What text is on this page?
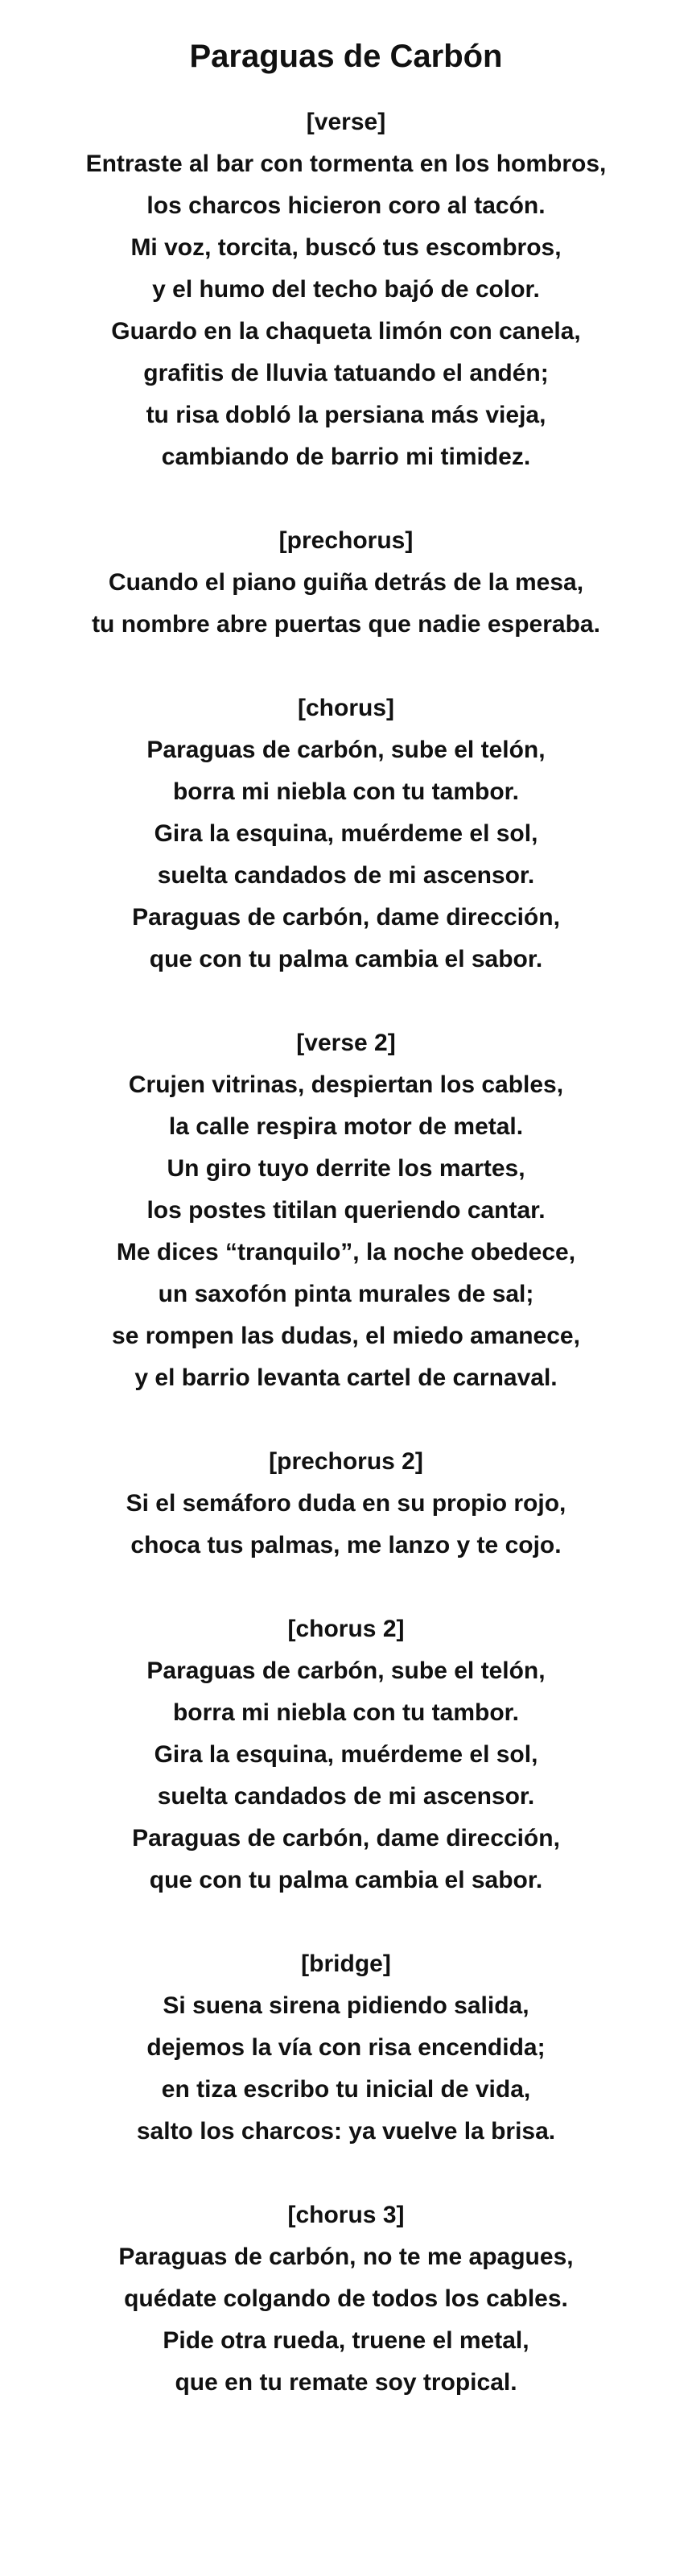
Paraguas de Carbón

[verse]

Entraste al bar con tormenta en los hombros,

los charcos hicieron coro al tacón.

Mi voz, torcita, buscó tus escombros,

y el humo del techo bajó de color.

Guardo en la chaqueta limón con canela,

grafitis de lluvia tatuando el andén;

tu risa dobló la persiana más vieja,

cambiando de barrio mi timidez.

[prechorus]

Cuando el piano guiña detrás de la mesa,

tu nombre abre puertas que nadie esperaba.

[chorus]

Paraguas de carbón, sube el telón,

borra mi niebla con tu tambor.

Gira la esquina, muérdeme el sol,

suelta candados de mi ascensor.

Paraguas de carbón, dame dirección,

que con tu palma cambia el sabor.

[verse 2]

Crujen vitrinas, despiertan los cables,

la calle respira motor de metal.

Un giro tuyo derrite los martes,

los postes titilan queriendo cantar.

Me dices “tranquilo”, la noche obedece,

un saxofón pinta murales de sal;

se rompen las dudas, el miedo amanece,

y el barrio levanta cartel de carnaval.

[prechorus 2]

Si el semáforo duda en su propio rojo,

choca tus palmas, me lanzo y te cojo.

[chorus 2]

Paraguas de carbón, sube el telón,

borra mi niebla con tu tambor.

Gira la esquina, muérdeme el sol,

suelta candados de mi ascensor.

Paraguas de carbón, dame dirección,

que con tu palma cambia el sabor.

[bridge]

Si suena sirena pidiendo salida,

dejemos la vía con risa encendida;

en tiza escribo tu inicial de vida,

salto los charcos: ya vuelve la brisa.

[chorus 3]

Paraguas de carbón, no te me apagues,

quédate colgando de todos los cables.

Pide otra rueda, truene el metal,

que en tu remate soy tropical.
